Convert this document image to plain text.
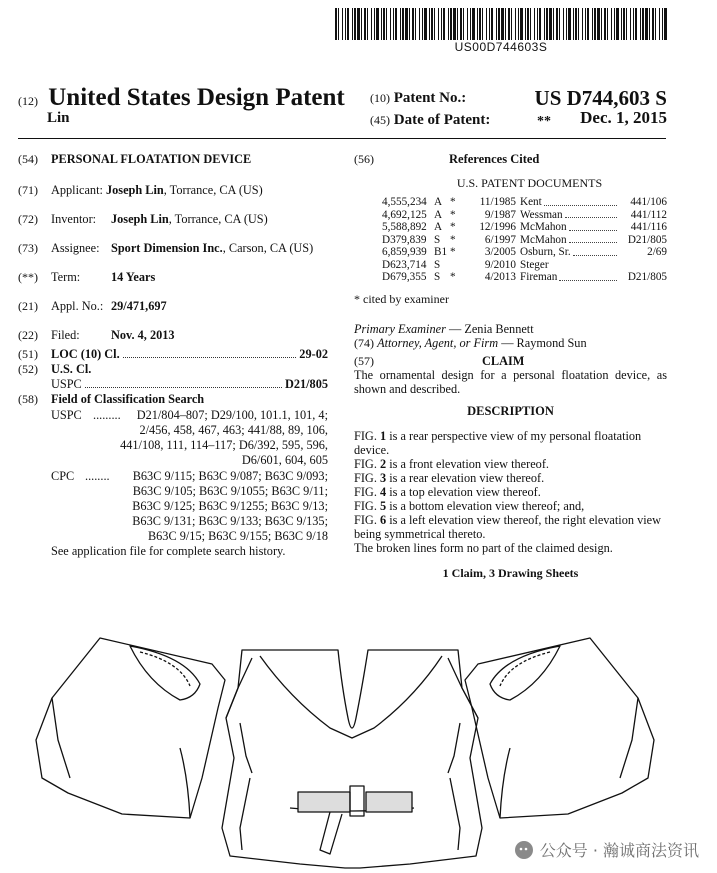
US00D744603S
(12) United States Design Patent
Lin
(10) Patent No.:	US D744,603 S
(45) Date of Patent:	** Dec. 1, 2015
(54) PERSONAL FLOATATION DEVICE
(71) Applicant: Joseph Lin, Torrance, CA (US)
(72) Inventor: Joseph Lin, Torrance, CA (US)
(73) Assignee: Sport Dimension Inc., Carson, CA (US)
(**) Term:	14 Years
(21) Appl. No.: 29/471,697
(22) Filed:	Nov. 4, 2013
(51) LOC (10) Cl.	29-02
(52) U.S. Cl.
USPC	D21/805
(58) Field of Classification Search
USPC .........	D21/804–807; D29/100, 101.1, 101, 4;
2/456, 458, 467, 463; 441/88, 89, 106,
441/108, 111, 114–117; D6/392, 595, 596,
D6/601, 604, 605
CPC ........	B63C 9/115; B63C 9/087; B63C 9/093;
B63C 9/105; B63C 9/1055; B63C 9/11;
B63C 9/125; B63C 9/1255; B63C 9/13;
B63C 9/131; B63C 9/133; B63C 9/135;
B63C 9/15; B63C 9/155; B63C 9/18
See application file for complete search history.
(56)	References Cited
U.S. PATENT DOCUMENTS
4,555,234	A	*	11/1985	Kent	441/106
4,692,125	A	*	9/1987	Wessman	441/112
5,588,892	A	*	12/1996	McMahon	441/116
D379,839	S	*	6/1997	McMahon	D21/805
6,859,939	B1	*	3/2005	Osburn, Sr.	2/69
D623,714	S		9/2010	Steger

D679,355	S	*	4/2013	Fireman	D21/805
* cited by examiner
Primary Examiner — Zenia Bennett
(74) Attorney, Agent, or Firm — Raymond Sun
(57)	CLAIM
The ornamental design for a personal floatation device, as shown and described.
DESCRIPTION
FIG. 1 is a rear perspective view of my personal floatation device.
FIG. 2 is a front elevation view thereof.
FIG. 3 is a rear elevation view thereof.
FIG. 4 is a top elevation view thereof.
FIG. 5 is a bottom elevation view thereof; and,
FIG. 6 is a left elevation view thereof, the right elevation view being symmetrical thereto.
The broken lines form no part of the claimed design.
1 Claim, 3 Drawing Sheets
公众号 · 瀚诚商法资讯
